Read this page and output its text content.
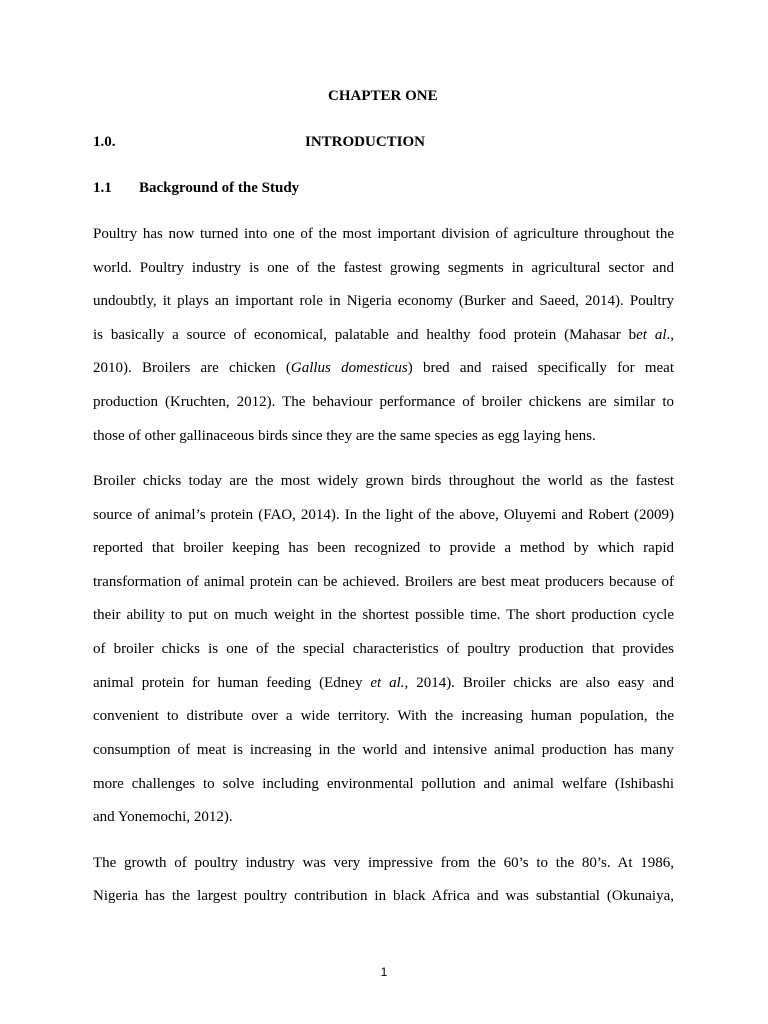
CHAPTER ONE
1.0.	INTRODUCTION
1.1 Background of the Study
Poultry has now turned into one of the most important division of agriculture throughout the
world. Poultry industry is one of the fastest growing segments in agricultural sector and
undoubtly, it plays an important role in Nigeria economy (Burker and Saeed, 2014). Poultry
is basically a source of economical, palatable and healthy food protein (Mahasar bet al.,
2010). Broilers are chicken (Gallus domesticus) bred and raised specifically for meat
production (Kruchten, 2012). The behaviour performance of broiler chickens are similar to
those of other gallinaceous birds since they are the same species as egg laying hens.
Broiler chicks today are the most widely grown birds throughout the world as the fastest
source of animal’s protein (FAO, 2014). In the light of the above, Oluyemi and Robert (2009)
reported that broiler keeping has been recognized to provide a method by which rapid
transformation of animal protein can be achieved. Broilers are best meat producers because of
their ability to put on much weight in the shortest possible time. The short production cycle
of broiler chicks is one of the special characteristics of poultry production that provides
animal protein for human feeding (Edney et al., 2014). Broiler chicks are also easy and
convenient to distribute over a wide territory. With the increasing human population, the
consumption of meat is increasing in the world and intensive animal production has many
more challenges to solve including environmental pollution and animal welfare (Ishibashi
and Yonemochi, 2012).
The growth of poultry industry was very impressive from the 60’s to the 80’s. At 1986,
Nigeria has the largest poultry contribution in black Africa and was substantial (Okunaiya,
1
